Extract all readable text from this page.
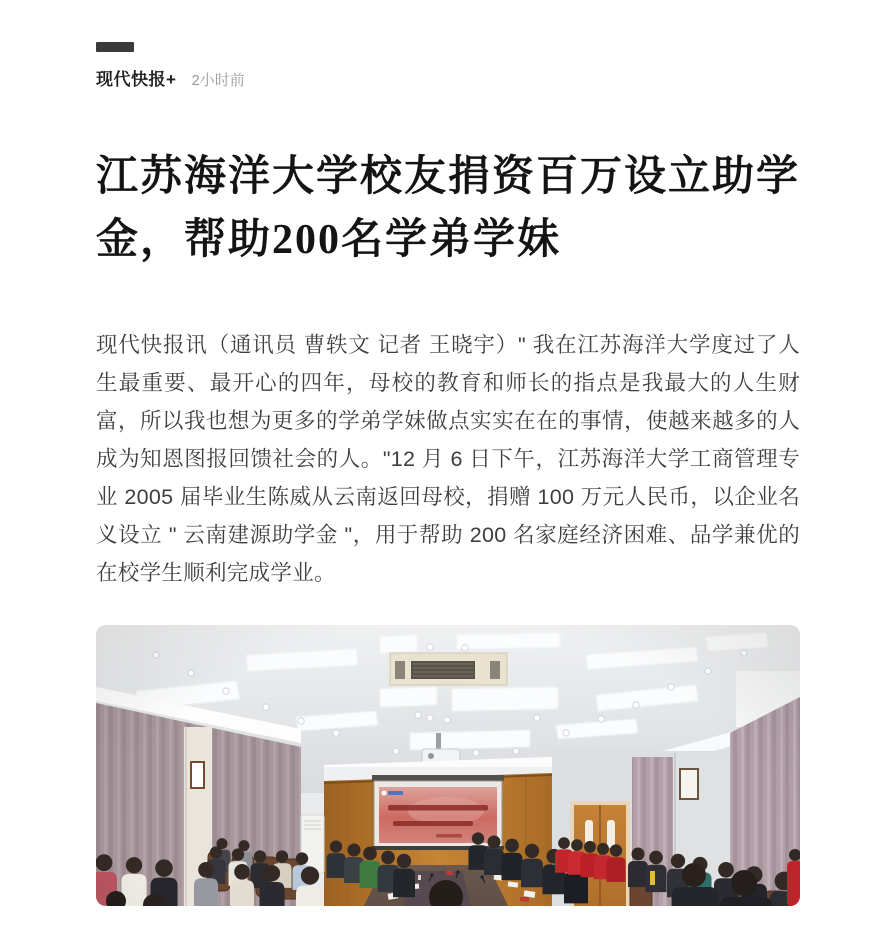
现代快报+ 2小时前
江苏海洋大学校友捐资百万设立助学金，帮助200名学弟学妹

现代快报讯（通讯员 曹轶文 记者 王晓宇）" 我在江苏海洋大学度过了人生最重要、最开心的四年，母校的教育和师长的指点是我最大的人生财富，所以我也想为更多的学弟学妹做点实实在在的事情，使越来越多的人成为知恩图报回馈社会的人。"12 月 6 日下午，江苏海洋大学工商管理专业 2005 届毕业生陈威从云南返回母校，捐赠 100 万元人民币，以企业名义设立 " 云南建源助学金 "，用于帮助 200 名家庭经济困难、品学兼优的在校学生顺利完成学业。
